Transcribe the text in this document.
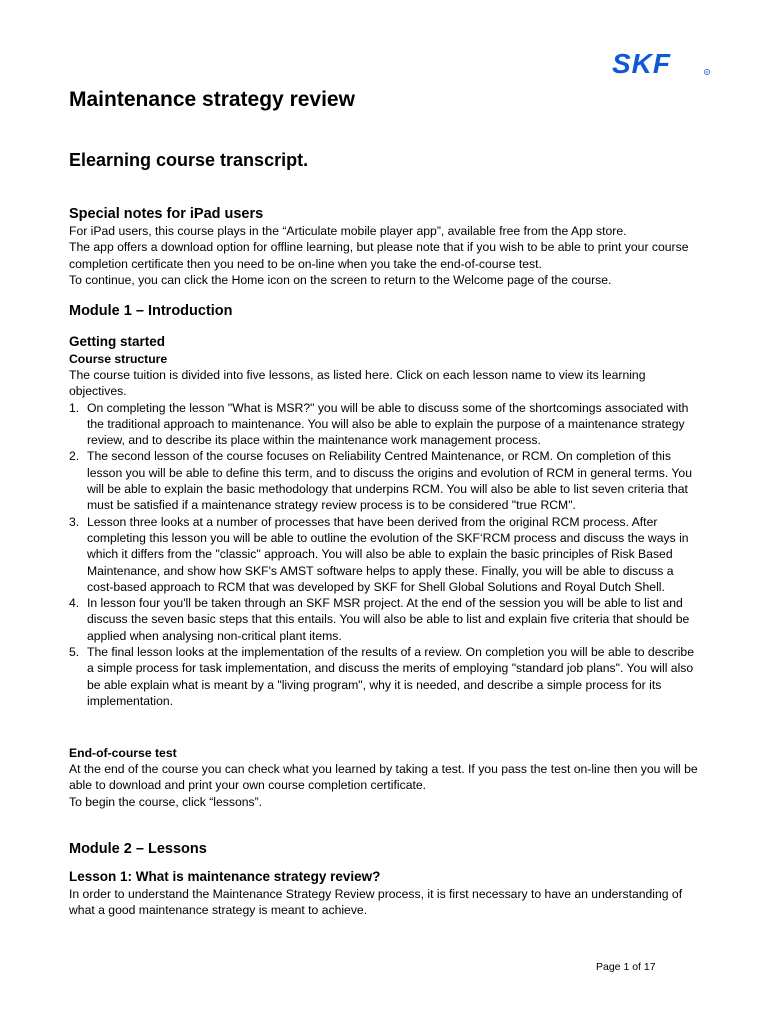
SKF	R
Maintenance strategy review
Elearning course transcript.
Special notes for iPad users

For iPad users, this course plays in the “Articulate mobile player app”, available free from the App store.

The app offers a download option for offline learning, but please note that if you wish to be able to print your course completion certificate then you need to be on-line when you take the end-of-course test.

To continue, you can click the Home icon on the screen to return to the Welcome page of the course.

Module 1 – Introduction
Getting started
Course structure

The course tuition is divided into five lessons, as listed here. Click on each lesson name to view its learning objectives.

1. On completing the lesson "What is MSR?" you will be able to discuss some of the shortcomings associated with the traditional approach to maintenance. You will also be able to explain the purpose of a maintenance strategy review, and to describe its place within the maintenance work management process.
2. The second lesson of the course focuses on Reliability Centred Maintenance, or RCM. On completion of this lesson you will be able to define this term, and to discuss the origins and evolution of RCM in general terms. You will be able to explain the basic methodology that underpins RCM. You will also be able to list seven criteria that must be satisfied if a maintenance strategy review process is to be considered "true RCM".
3. Lesson three looks at a number of processes that have been derived from the original RCM process. After completing this lesson you will be able to outline the evolution of the SKF‘RCM process and discuss the ways in which it differs from the "classic" approach. You will also be able to explain the basic principles of Risk Based Maintenance, and show how SKF's AMST software helps to apply these. Finally, you will be able to discuss a cost-based approach to RCM that was developed by SKF for Shell Global Solutions and Royal Dutch Shell.
4. In lesson four you'll be taken through an SKF MSR project. At the end of the session you will be able to list and discuss the seven basic steps that this entails. You will also be able to list and explain five criteria that should be applied when analysing non-critical plant items.
5. The final lesson looks at the implementation of the results of a review. On completion you will be able to describe a simple process for task implementation, and discuss the merits of employing "standard job plans". You will also be able explain what is meant by a "living program", why it is needed, and describe a simple process for its implementation.
End-of-course test

At the end of the course you can check what you learned by taking a test. If you pass the test on-line then you will be able to download and print your own course completion certificate.

To begin the course, click “lessons”.

Module 2 – Lessons
Lesson 1: What is maintenance strategy review?

In order to understand the Maintenance Strategy Review process, it is first necessary to have an understanding of what a good maintenance strategy is meant to achieve.

Page 1 of 17
